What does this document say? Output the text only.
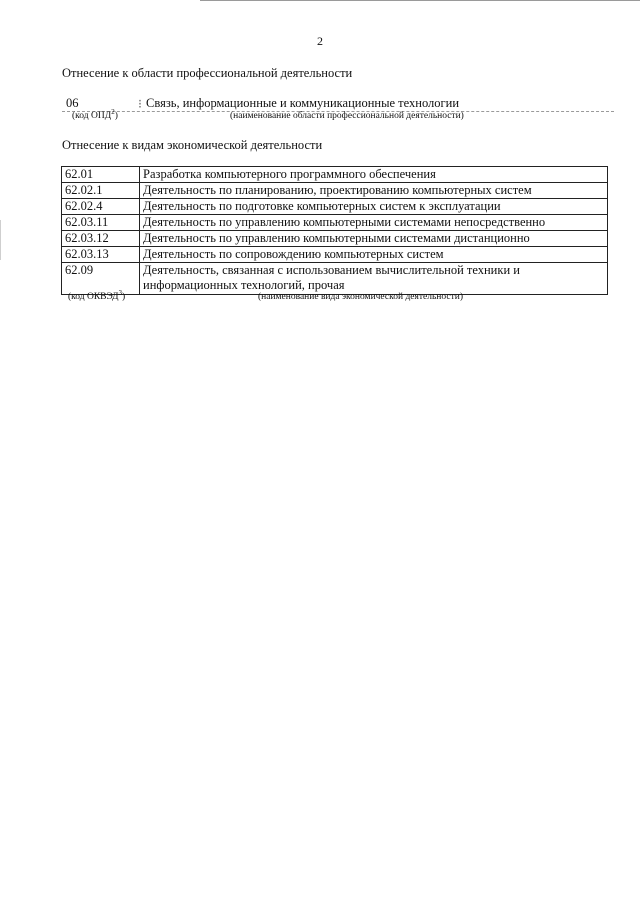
2
Отнесение к области профессиональной деятельности
06	⁝ Связь, информационные и коммуникационные технологии
(код ОПД$^2$)	(наименование области профессиональной деятельности)
Отнесение к видам экономической деятельности
62.01	Разработка компьютерного программного обеспечения
62.02.1	Деятельность по планированию, проектированию компьютерных систем
62.02.4	Деятельность по подготовке компьютерных систем к эксплуатации
62.03.11	Деятельность по управлению компьютерными системами непосредственно
62.03.12	Деятельность по управлению компьютерными системами дистанционно
62.03.13	Деятельность по сопровождению компьютерных систем
62.09	Деятельность, связанная с использованием вычислительной техники и информационных технологий, прочая
(код ОКВЭД$^3$)	(наименование вида экономической деятельности)
